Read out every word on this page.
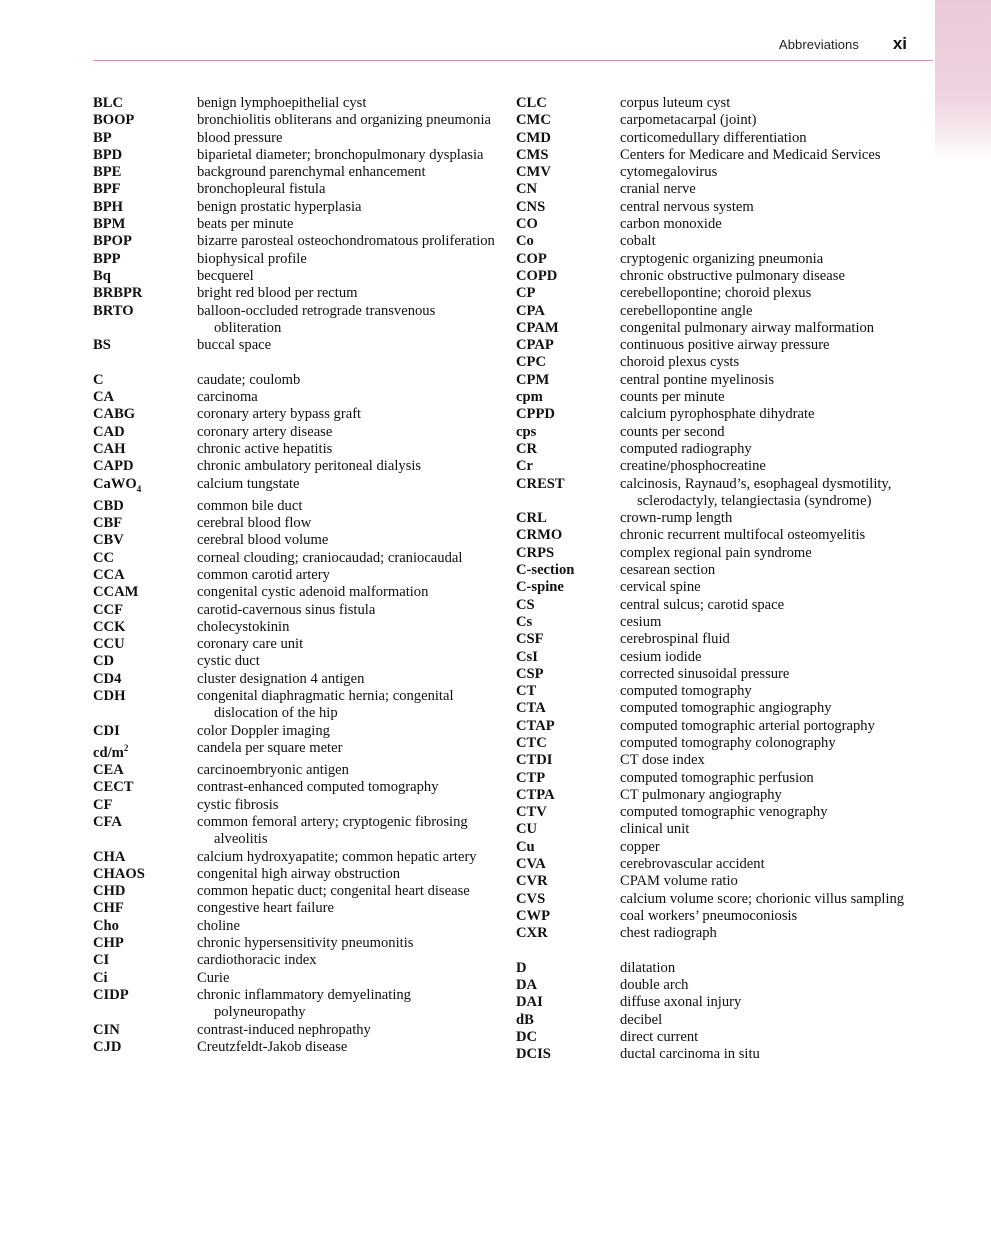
Abbreviations xi
BLC	benign lymphoepithelial cyst
BOOP	bronchiolitis obliterans and organizing pneumonia
BP	blood pressure
BPD	biparietal diameter; bronchopulmonary dysplasia
BPE	background parenchymal enhancement
BPF	bronchopleural fistula
BPH	benign prostatic hyperplasia
BPM	beats per minute
BPOP	bizarre parosteal osteochondromatous proliferation
BPP	biophysical profile
Bq	becquerel
BRBPR	bright red blood per rectum
BRTO	balloon-occluded retrograde transvenous obliteration
BS	buccal space
C	caudate; coulomb
CA	carcinoma
CABG	coronary artery bypass graft
CAD	coronary artery disease
CAH	chronic active hepatitis
CAPD	chronic ambulatory peritoneal dialysis
CaWO$_4$	calcium tungstate
CBD	common bile duct
CBF	cerebral blood flow
CBV	cerebral blood volume
CC	corneal clouding; craniocaudad; craniocaudal
CCA	common carotid artery
CCAM	congenital cystic adenoid malformation
CCF	carotid-cavernous sinus fistula
CCK	cholecystokinin
CCU	coronary care unit
CD	cystic duct
CD4	cluster designation 4 antigen
CDH	congenital diaphragmatic hernia; congenital dislocation of the hip
CDI	color Doppler imaging
$cd/m^2$	candela per square meter
CEA	carcinoembryonic antigen
CECT	contrast-enhanced computed tomography
CF	cystic fibrosis
CFA	common femoral artery; cryptogenic fibrosing alveolitis
CHA	calcium hydroxyapatite; common hepatic artery
CHAOS	congenital high airway obstruction
CHD	common hepatic duct; congenital heart disease
CHF	congestive heart failure
Cho	choline
CHP	chronic hypersensitivity pneumonitis
CI	cardiothoracic index
Ci	Curie
CIDP	chronic inflammatory demyelinating polyneuropathy
CIN	contrast-induced nephropathy
CJD	Creutzfeldt-Jakob disease
CLC	corpus luteum cyst
CMC	carpometacarpal (joint)
CMD	corticomedullary differentiation
CMS	Centers for Medicare and Medicaid Services
CMV	cytomegalovirus
CN	cranial nerve
CNS	central nervous system
CO	carbon monoxide
Co	cobalt
COP	cryptogenic organizing pneumonia
COPD	chronic obstructive pulmonary disease
CP	cerebellopontine; choroid plexus
CPA	cerebellopontine angle
CPAM	congenital pulmonary airway malformation
CPAP	continuous positive airway pressure
CPC	choroid plexus cysts
CPM	central pontine myelinosis
cpm	counts per minute
CPPD	calcium pyrophosphate dihydrate
cps	counts per second
CR	computed radiography
Cr	creatine/phosphocreatine
CREST	calcinosis, Raynaud’s, esophageal dysmotility, sclerodactyly, telangiectasia (syndrome)
CRL	crown-rump length
CRMO	chronic recurrent multifocal osteomyelitis
CRPS	complex regional pain syndrome
C-section	cesarean section
C-spine	cervical spine
CS	central sulcus; carotid space
Cs	cesium
CSF	cerebrospinal fluid
CsI	cesium iodide
CSP	corrected sinusoidal pressure
CT	computed tomography
CTA	computed tomographic angiography
CTAP	computed tomographic arterial portography
CTC	computed tomography colonography
CTDI	CT dose index
CTP	computed tomographic perfusion
CTPA	CT pulmonary angiography
CTV	computed tomographic venography
CU	clinical unit
Cu	copper
CVA	cerebrovascular accident
CVR	CPAM volume ratio
CVS	calcium volume score; chorionic villus sampling
CWP	coal workers’ pneumoconiosis
CXR	chest radiograph
D	dilatation
DA	double arch
DAI	diffuse axonal injury
dB	decibel
DC	direct current
DCIS	ductal carcinoma in situ
